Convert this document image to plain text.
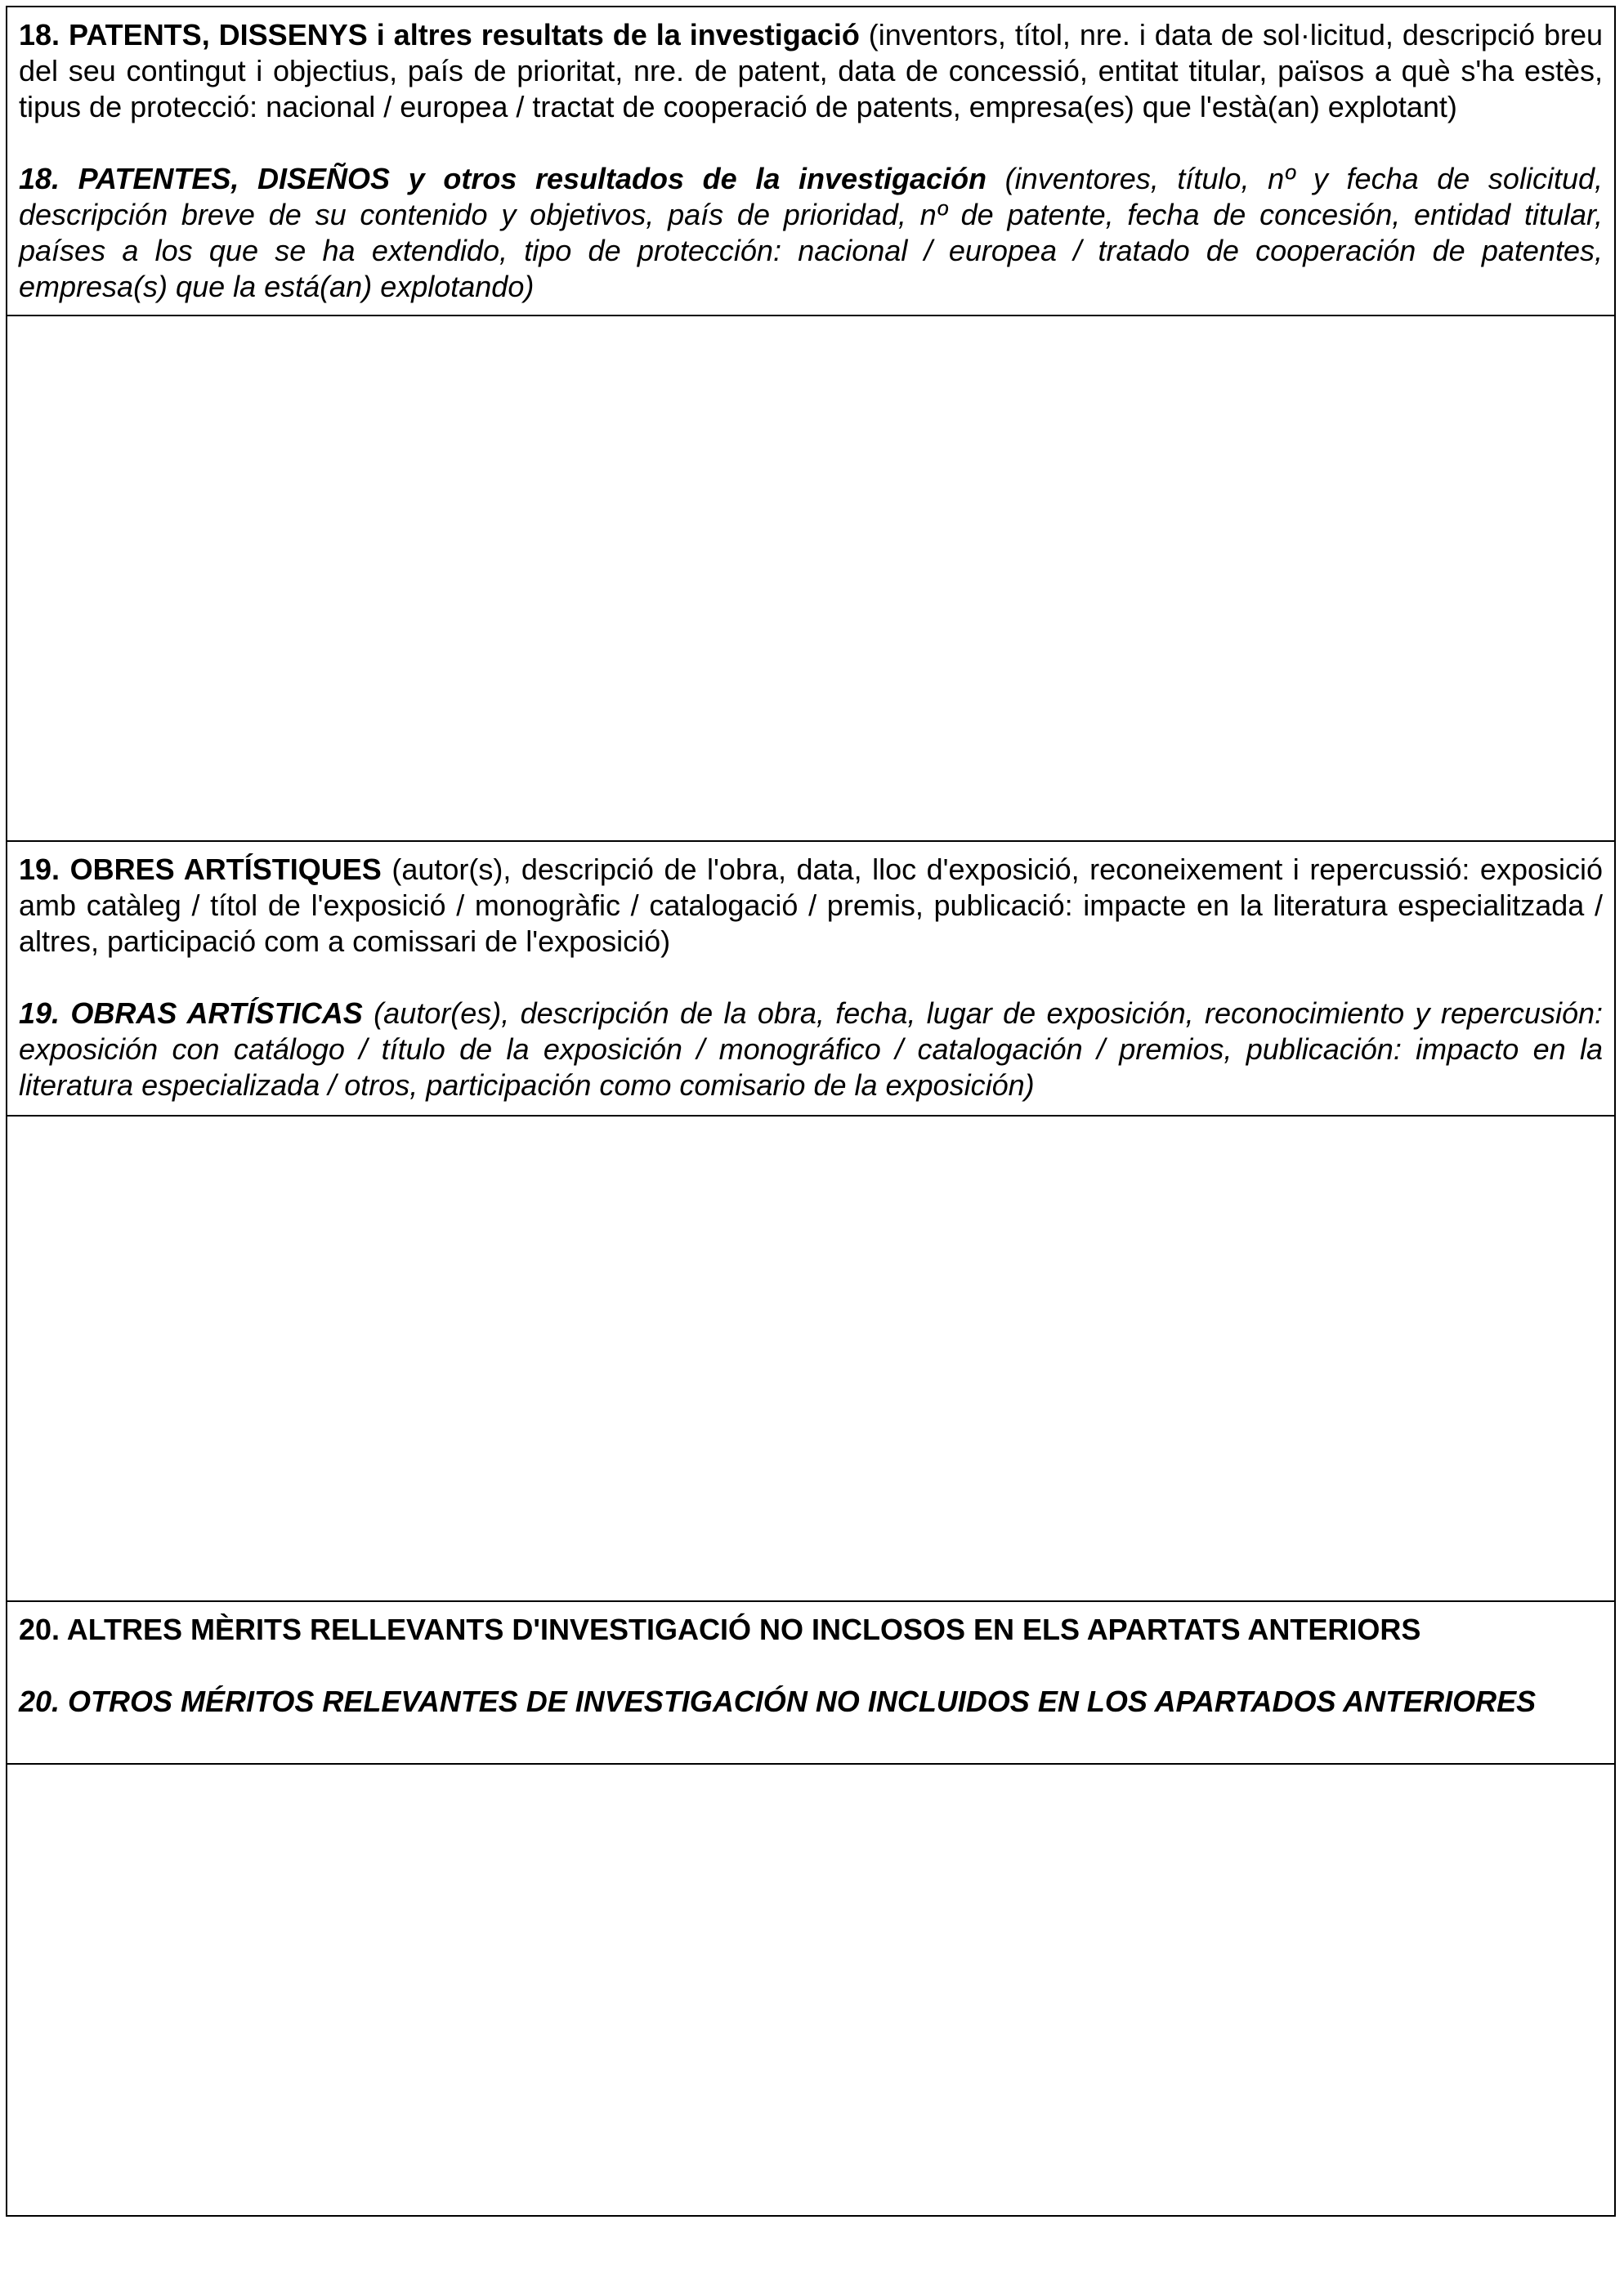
18. PATENTS, DISSENYS i altres resultats de la investigació (inventors, títol, nre. i data de sol·licitud, descripció breu del seu contingut i objectius, país de prioritat, nre. de patent, data de concessió, entitat titular, països a què s'ha estès, tipus de protecció: nacional / europea / tractat de cooperació de patents, empresa(es) que l'està(an) explotant)

18. PATENTES, DISEÑOS y otros resultados de la investigación (inventores, título, nº y fecha de solicitud, descripción breve de su contenido y objetivos, país de prioridad, nº de patente, fecha de concesión, entidad titular, países a los que se ha extendido, tipo de protección: nacional / europea / tratado de cooperación de patentes, empresa(s) que la está(an) explotando)

19. OBRES ARTÍSTIQUES (autor(s), descripció de l'obra, data, lloc d'exposició, reconeixement i repercussió: exposició amb catàleg / títol de l'exposició / monogràfic / catalogació / premis, publicació: impacte en la literatura especialitzada / altres, participació com a comissari de l'exposició)

19. OBRAS ARTÍSTICAS (autor(es), descripción de la obra, fecha, lugar de exposición, reconocimiento y repercusión: exposición con catálogo / título de la exposición / monográfico / catalogación / premios, publicación: impacto en la literatura especializada / otros, participación como comisario de la exposición)

20. ALTRES MÈRITS RELLEVANTS D'INVESTIGACIÓ NO INCLOSOS EN ELS APARTATS ANTERIORS

20. OTROS MÉRITOS RELEVANTES DE INVESTIGACIÓN NO INCLUIDOS EN LOS APARTADOS ANTERIORES
